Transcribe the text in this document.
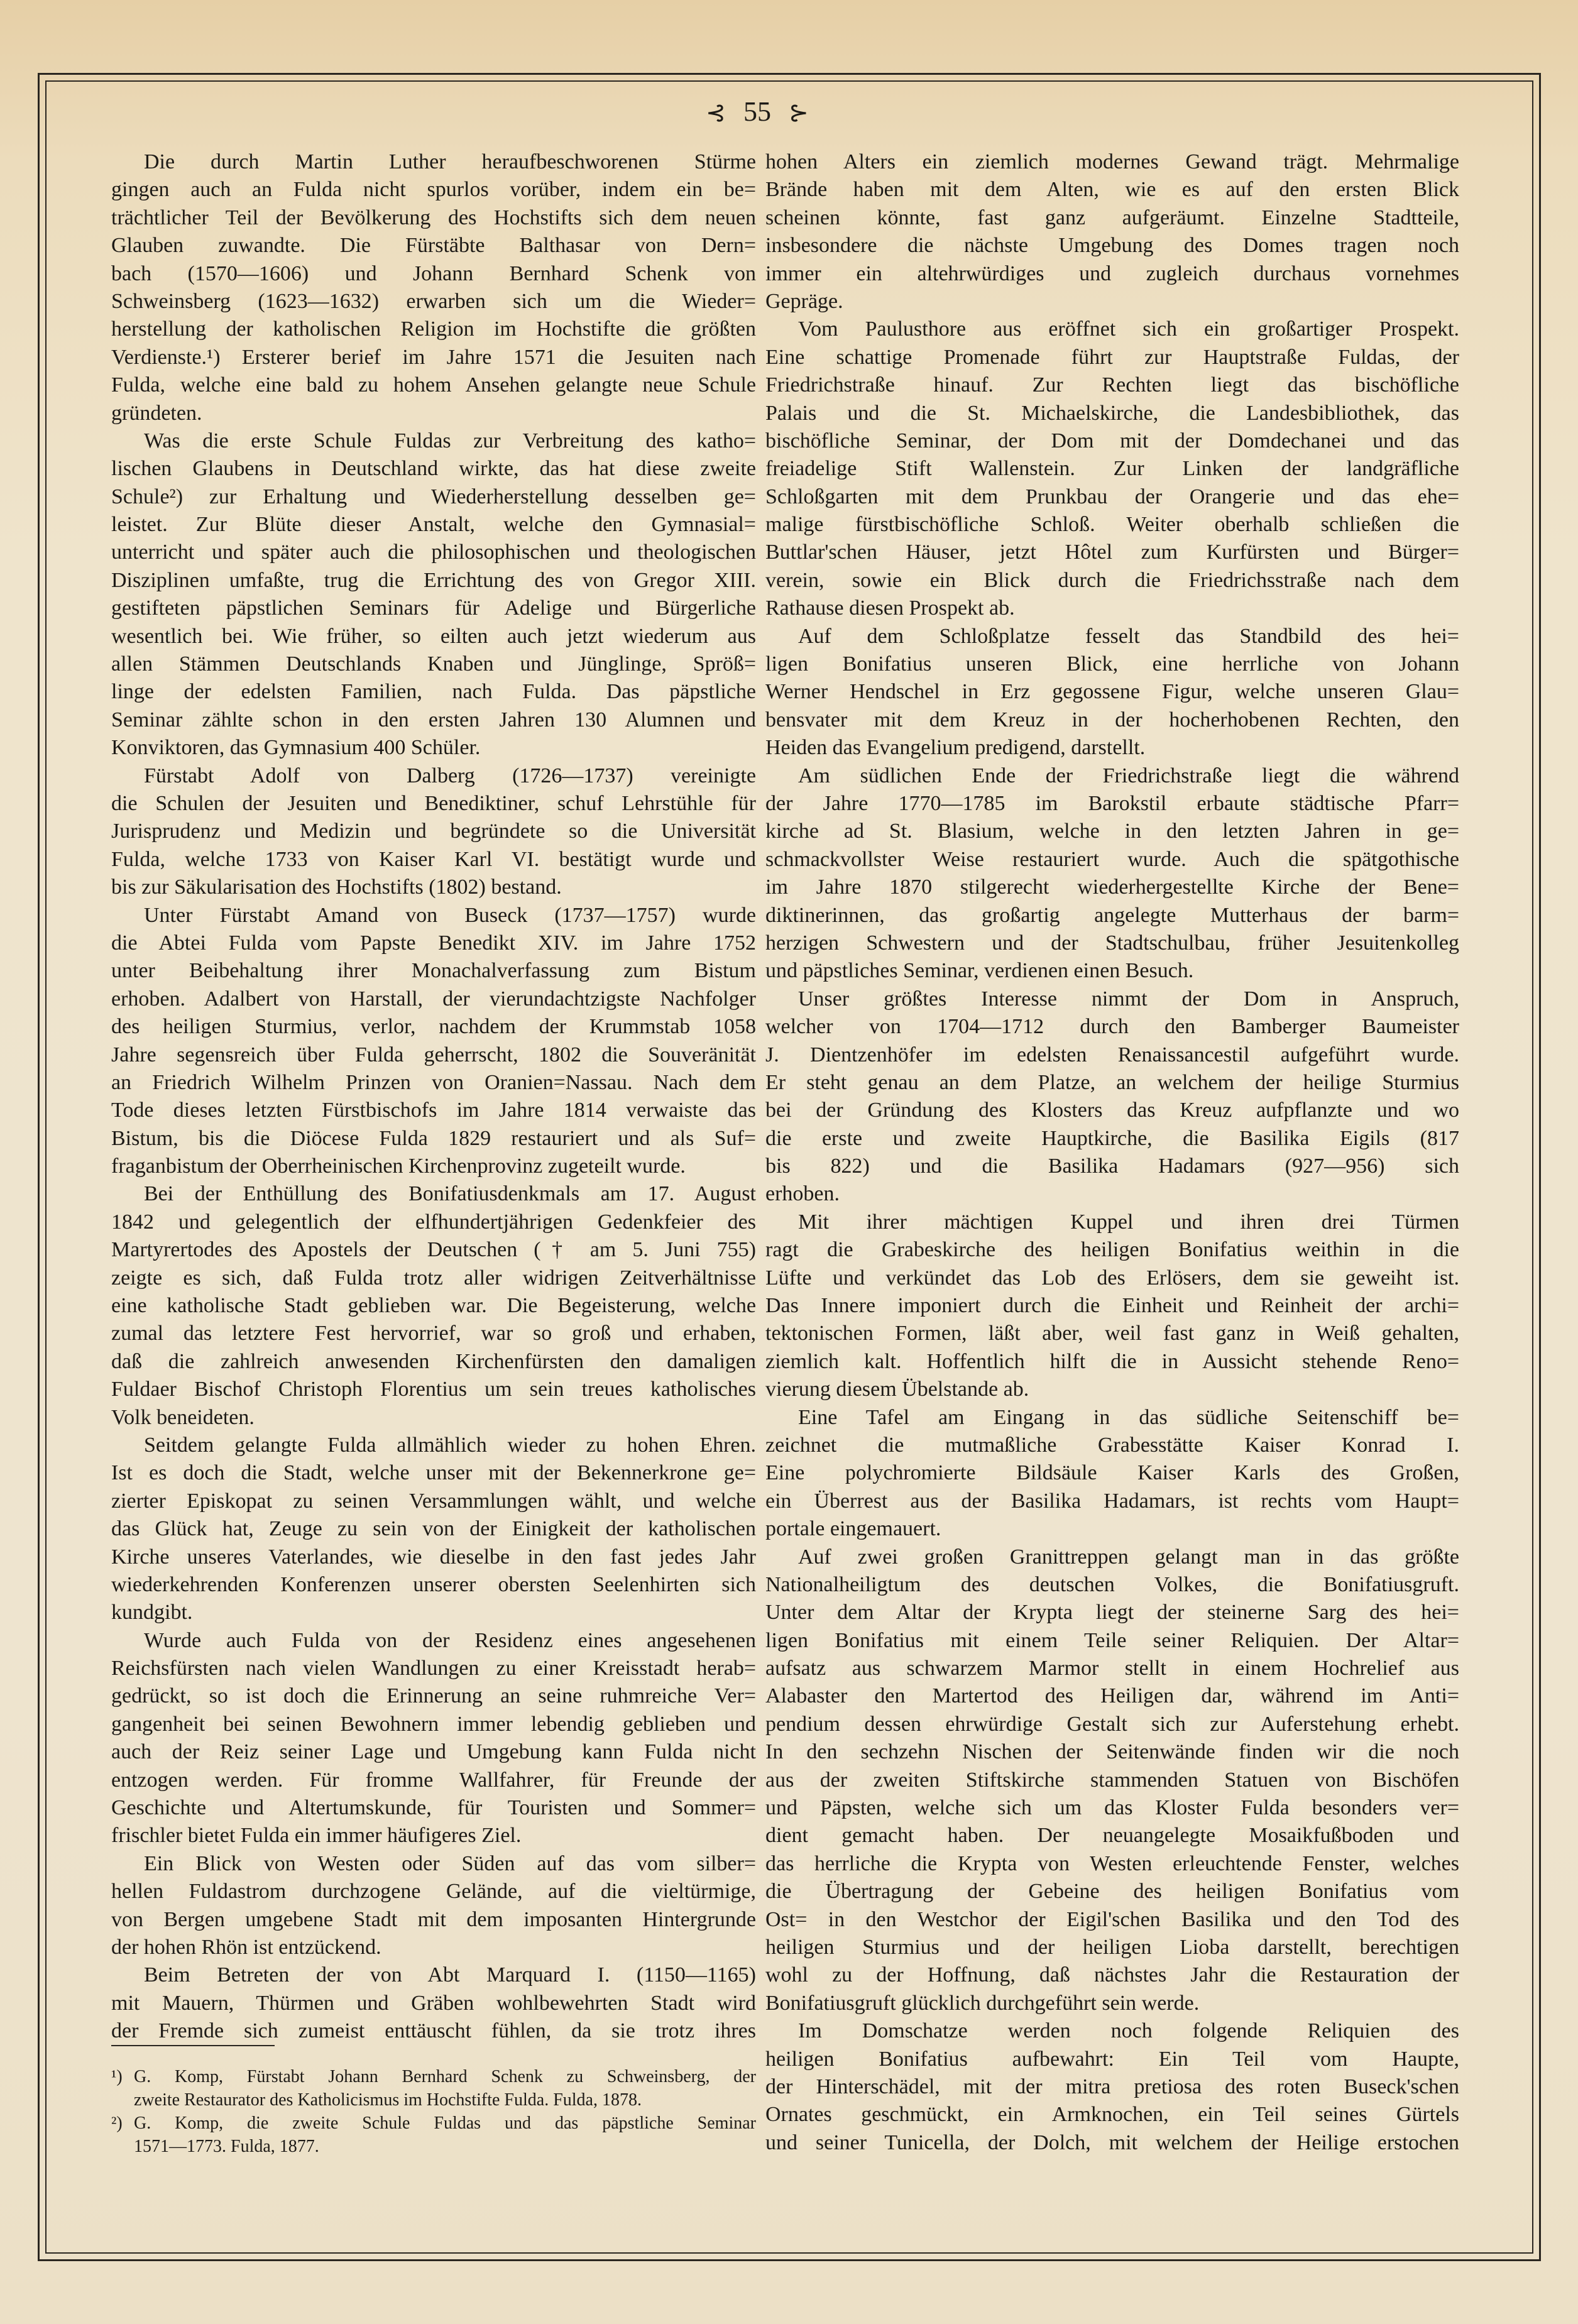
⊰ 55 ⊱
Die durch Martin Luther heraufbeschworenen Stürme
gingen auch an Fulda nicht spurlos vorüber, indem ein be=
trächtlicher Teil der Bevölkerung des Hochstifts sich dem neuen
Glauben zuwandte. Die Fürstäbte Balthasar von Dern=
bach (1570—1606) und Johann Bernhard Schenk von
Schweinsberg (1623—1632) erwarben sich um die Wieder=
herstellung der katholischen Religion im Hochstifte die größten
Verdienste.¹) Ersterer berief im Jahre 1571 die Jesuiten nach
Fulda, welche eine bald zu hohem Ansehen gelangte neue Schule
gründeten.
Was die erste Schule Fuldas zur Verbreitung des katho=
lischen Glaubens in Deutschland wirkte, das hat diese zweite
Schule²) zur Erhaltung und Wiederherstellung desselben ge=
leistet. Zur Blüte dieser Anstalt, welche den Gymnasial=
unterricht und später auch die philosophischen und theologischen
Disziplinen umfaßte, trug die Errichtung des von Gregor XIII.
gestifteten päpstlichen Seminars für Adelige und Bürgerliche
wesentlich bei. Wie früher, so eilten auch jetzt wiederum aus
allen Stämmen Deutschlands Knaben und Jünglinge, Spröß=
linge der edelsten Familien, nach Fulda. Das päpstliche
Seminar zählte schon in den ersten Jahren 130 Alumnen und
Konviktoren, das Gymnasium 400 Schüler.
Fürstabt Adolf von Dalberg (1726—1737) vereinigte
die Schulen der Jesuiten und Benediktiner, schuf Lehrstühle für
Jurisprudenz und Medizin und begründete so die Universität
Fulda, welche 1733 von Kaiser Karl VI. bestätigt wurde und
bis zur Säkularisation des Hochstifts (1802) bestand.
Unter Fürstabt Amand von Buseck (1737—1757) wurde
die Abtei Fulda vom Papste Benedikt XIV. im Jahre 1752
unter Beibehaltung ihrer Monachalverfassung zum Bistum
erhoben. Adalbert von Harstall, der vierundachtzigste Nachfolger
des heiligen Sturmius, verlor, nachdem der Krummstab 1058
Jahre segensreich über Fulda geherrscht, 1802 die Souveränität
an Friedrich Wilhelm Prinzen von Oranien=Nassau. Nach dem
Tode dieses letzten Fürstbischofs im Jahre 1814 verwaiste das
Bistum, bis die Diöcese Fulda 1829 restauriert und als Suf=
fraganbistum der Oberrheinischen Kirchenprovinz zugeteilt wurde.
Bei der Enthüllung des Bonifatiusdenkmals am 17. August
1842 und gelegentlich der elfhundertjährigen Gedenkfeier des
Martyrertodes des Apostels der Deutschen († am 5. Juni 755)
zeigte es sich, daß Fulda trotz aller widrigen Zeitverhältnisse
eine katholische Stadt geblieben war. Die Begeisterung, welche
zumal das letztere Fest hervorrief, war so groß und erhaben,
daß die zahlreich anwesenden Kirchenfürsten den damaligen
Fuldaer Bischof Christoph Florentius um sein treues katholisches
Volk beneideten.
Seitdem gelangte Fulda allmählich wieder zu hohen Ehren.
Ist es doch die Stadt, welche unser mit der Bekennerkrone ge=
zierter Episkopat zu seinen Versammlungen wählt, und welche
das Glück hat, Zeuge zu sein von der Einigkeit der katholischen
Kirche unseres Vaterlandes, wie dieselbe in den fast jedes Jahr
wiederkehrenden Konferenzen unserer obersten Seelenhirten sich
kundgibt.
Wurde auch Fulda von der Residenz eines angesehenen
Reichsfürsten nach vielen Wandlungen zu einer Kreisstadt herab=
gedrückt, so ist doch die Erinnerung an seine ruhmreiche Ver=
gangenheit bei seinen Bewohnern immer lebendig geblieben und
auch der Reiz seiner Lage und Umgebung kann Fulda nicht
entzogen werden. Für fromme Wallfahrer, für Freunde der
Geschichte und Altertumskunde, für Touristen und Sommer=
frischler bietet Fulda ein immer häufigeres Ziel.
Ein Blick von Westen oder Süden auf das vom silber=
hellen Fuldastrom durchzogene Gelände, auf die vieltürmige,
von Bergen umgebene Stadt mit dem imposanten Hintergrunde
der hohen Rhön ist entzückend.
Beim Betreten der von Abt Marquard I. (1150—1165)
mit Mauern, Thürmen und Gräben wohlbewehrten Stadt wird
der Fremde sich zumeist enttäuscht fühlen, da sie trotz ihres
hohen Alters ein ziemlich modernes Gewand trägt. Mehrmalige
Brände haben mit dem Alten, wie es auf den ersten Blick
scheinen könnte, fast ganz aufgeräumt. Einzelne Stadtteile,
insbesondere die nächste Umgebung des Domes tragen noch
immer ein altehrwürdiges und zugleich durchaus vornehmes
Gepräge.
Vom Paulusthore aus eröffnet sich ein großartiger Prospekt.
Eine schattige Promenade führt zur Hauptstraße Fuldas, der
Friedrichstraße hinauf. Zur Rechten liegt das bischöfliche
Palais und die St. Michaelskirche, die Landesbibliothek, das
bischöfliche Seminar, der Dom mit der Domdechanei und das
freiadelige Stift Wallenstein. Zur Linken der landgräfliche
Schloßgarten mit dem Prunkbau der Orangerie und das ehe=
malige fürstbischöfliche Schloß. Weiter oberhalb schließen die
Buttlar'schen Häuser, jetzt Hôtel zum Kurfürsten und Bürger=
verein, sowie ein Blick durch die Friedrichsstraße nach dem
Rathause diesen Prospekt ab.
Auf dem Schloßplatze fesselt das Standbild des hei=
ligen Bonifatius unseren Blick, eine herrliche von Johann
Werner Hendschel in Erz gegossene Figur, welche unseren Glau=
bensvater mit dem Kreuz in der hocherhobenen Rechten, den
Heiden das Evangelium predigend, darstellt.
Am südlichen Ende der Friedrichstraße liegt die während
der Jahre 1770—1785 im Barokstil erbaute städtische Pfarr=
kirche ad St. Blasium, welche in den letzten Jahren in ge=
schmackvollster Weise restauriert wurde. Auch die spätgothische
im Jahre 1870 stilgerecht wiederhergestellte Kirche der Bene=
diktinerinnen, das großartig angelegte Mutterhaus der barm=
herzigen Schwestern und der Stadtschulbau, früher Jesuitenkolleg
und päpstliches Seminar, verdienen einen Besuch.
Unser größtes Interesse nimmt der Dom in Anspruch,
welcher von 1704—1712 durch den Bamberger Baumeister
J. Dientzenhöfer im edelsten Renaissancestil aufgeführt wurde.
Er steht genau an dem Platze, an welchem der heilige Sturmius
bei der Gründung des Klosters das Kreuz aufpflanzte und wo
die erste und zweite Hauptkirche, die Basilika Eigils (817
bis 822) und die Basilika Hadamars (927—956) sich
erhoben.
Mit ihrer mächtigen Kuppel und ihren drei Türmen
ragt die Grabeskirche des heiligen Bonifatius weithin in die
Lüfte und verkündet das Lob des Erlösers, dem sie geweiht ist.
Das Innere imponiert durch die Einheit und Reinheit der archi=
tektonischen Formen, läßt aber, weil fast ganz in Weiß gehalten,
ziemlich kalt. Hoffentlich hilft die in Aussicht stehende Reno=
vierung diesem Übelstande ab.
Eine Tafel am Eingang in das südliche Seitenschiff be=
zeichnet die mutmaßliche Grabesstätte Kaiser Konrad I.
Eine polychromierte Bildsäule Kaiser Karls des Großen,
ein Überrest aus der Basilika Hadamars, ist rechts vom Haupt=
portale eingemauert.
Auf zwei großen Granittreppen gelangt man in das größte
Nationalheiligtum des deutschen Volkes, die Bonifatiusgruft.
Unter dem Altar der Krypta liegt der steinerne Sarg des hei=
ligen Bonifatius mit einem Teile seiner Reliquien. Der Altar=
aufsatz aus schwarzem Marmor stellt in einem Hochrelief aus
Alabaster den Martertod des Heiligen dar, während im Anti=
pendium dessen ehrwürdige Gestalt sich zur Auferstehung erhebt.
In den sechzehn Nischen der Seitenwände finden wir die noch
aus der zweiten Stiftskirche stammenden Statuen von Bischöfen
und Päpsten, welche sich um das Kloster Fulda besonders ver=
dient gemacht haben. Der neuangelegte Mosaikfußboden und
das herrliche die Krypta von Westen erleuchtende Fenster, welches
die Übertragung der Gebeine des heiligen Bonifatius vom
Ost= in den Westchor der Eigil'schen Basilika und den Tod des
heiligen Sturmius und der heiligen Lioba darstellt, berechtigen
wohl zu der Hoffnung, daß nächstes Jahr die Restauration der
Bonifatiusgruft glücklich durchgeführt sein werde.
Im Domschatze werden noch folgende Reliquien des
heiligen Bonifatius aufbewahrt: Ein Teil vom Haupte,
der Hinterschädel, mit der mitra pretiosa des roten Buseck'schen
Ornates geschmückt, ein Armknochen, ein Teil seines Gürtels
und seiner Tunicella, der Dolch, mit welchem der Heilige erstochen
¹) G. Komp, Fürstabt Johann Bernhard Schenk zu Schweinsberg, der
zweite Restaurator des Katholicismus im Hochstifte Fulda. Fulda, 1878.
²) G. Komp, die zweite Schule Fuldas und das päpstliche Seminar
1571—1773. Fulda, 1877.
